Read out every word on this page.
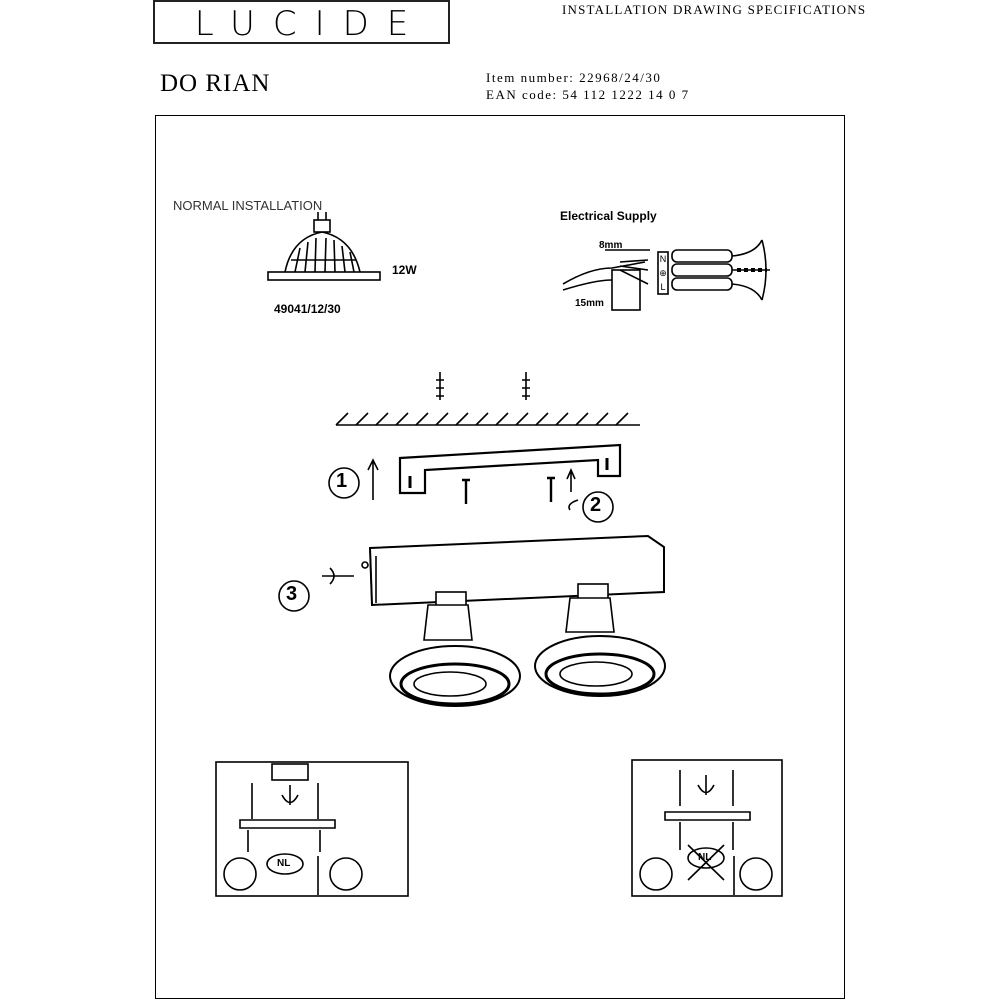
LUCIDE	INSTALLATION DRAWING SPECIFICATIONS
DO RIAN	Item number: 22968/24/30
EAN code: 54 112 1222 14 0 7
NORMAL INSTALLATION
Electrical Supply
12W
49041/12/30
8mm
15mm
1
2
3
N
⊕
L
NL
NL
